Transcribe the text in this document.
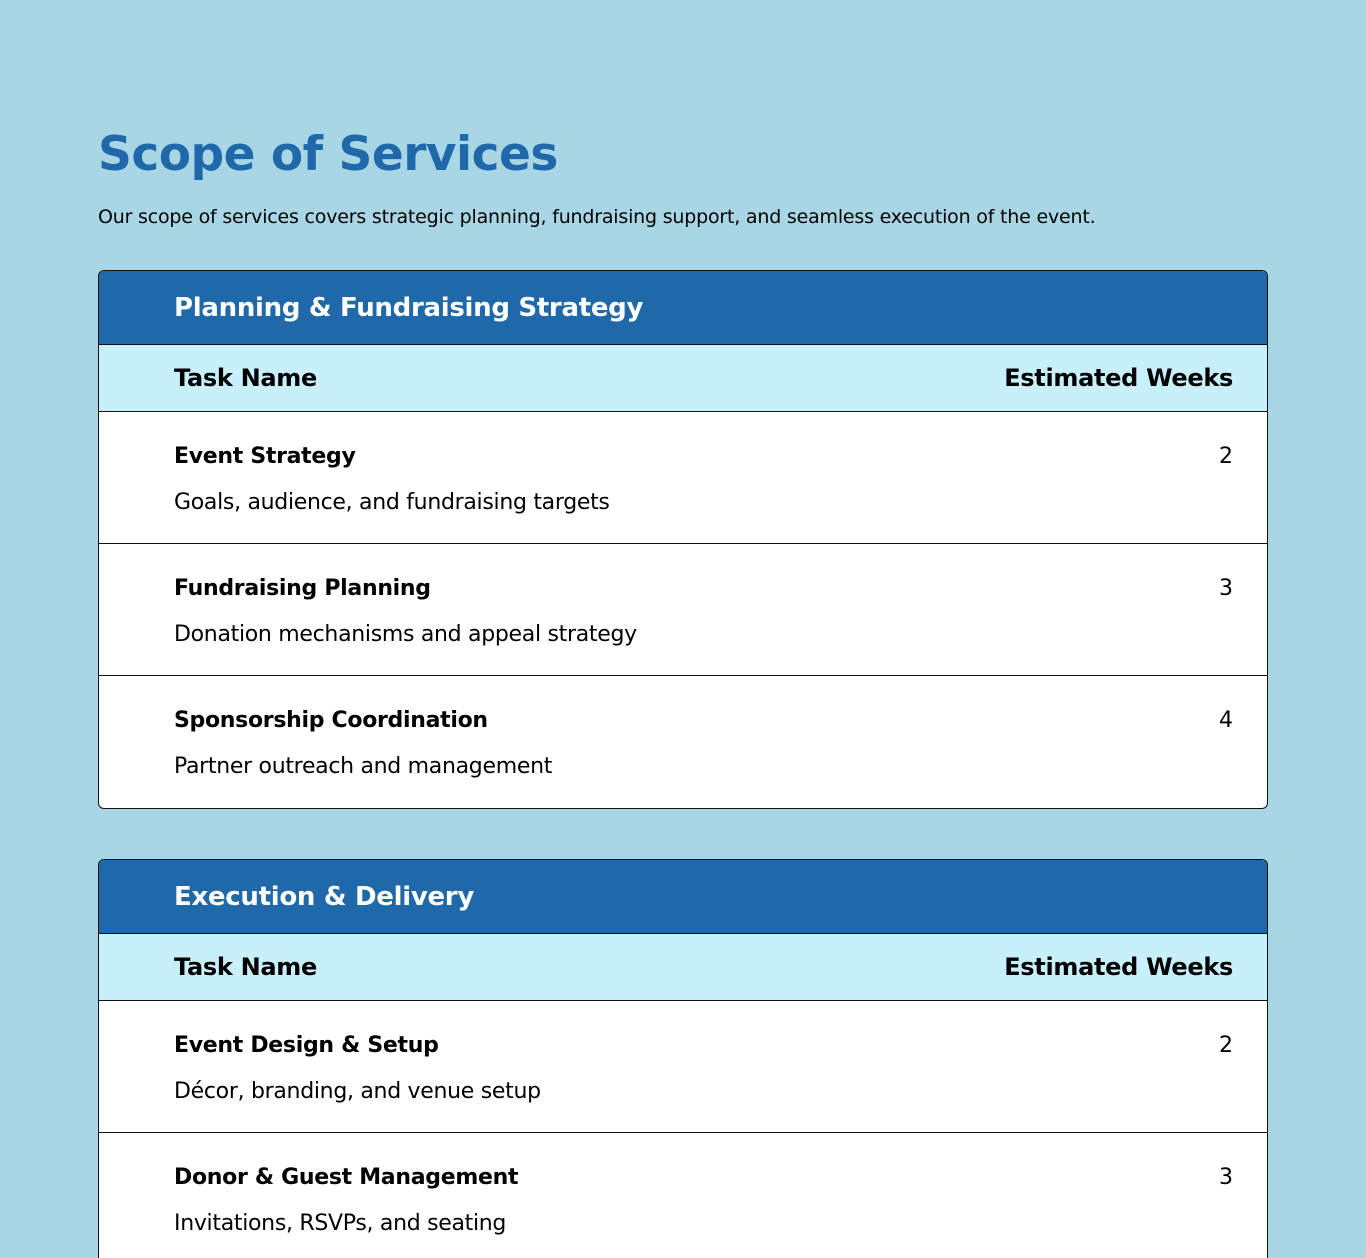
Scope of Services

Our scope of services covers strategic planning, fundraising support, and seamless execution of the event.

Planning & Fundraising Strategy
Task Name	Estimated Weeks
Event Strategy	2
Goals, audience, and fundraising targets
Fundraising Planning	3
Donation mechanisms and appeal strategy
Sponsorship Coordination	4
Partner outreach and management
Execution & Delivery
Task Name	Estimated Weeks
Event Design & Setup	2
Décor, branding, and venue setup
Donor & Guest Management	3
Invitations, RSVPs, and seating
